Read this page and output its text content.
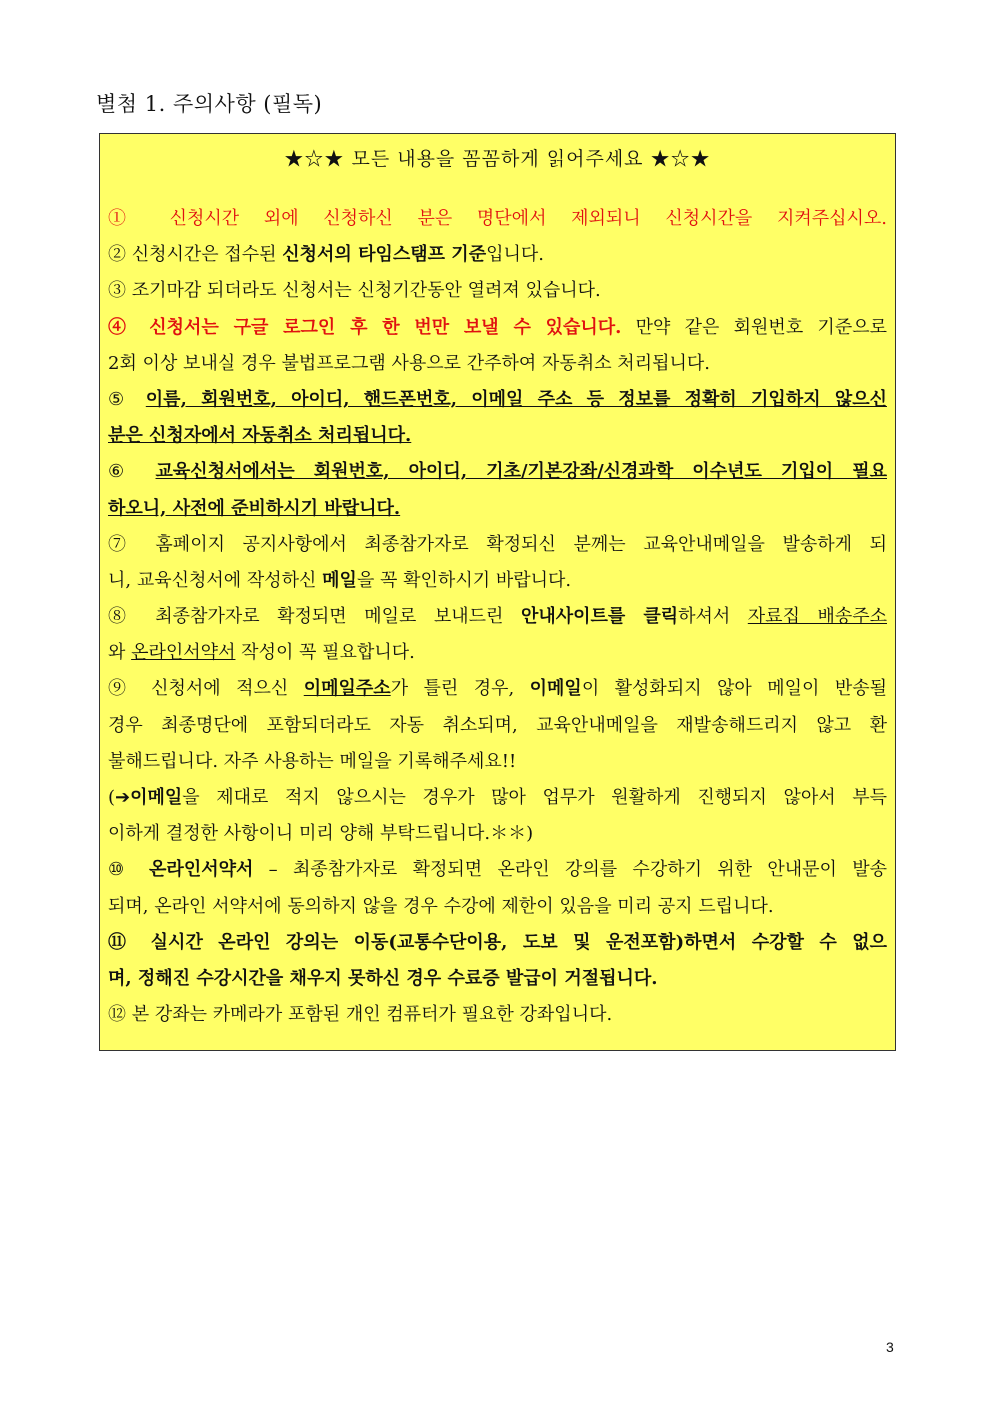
별첨 1. 주의사항 (필독)
★☆★ 모든 내용을 꼼꼼하게 읽어주세요 ★☆★
① 신청시간 외에 신청하신 분은 명단에서 제외되니 신청시간을 지켜주십시오.
② 신청시간은 접수된 신청서의 타임스탬프 기준입니다.
③ 조기마감 되더라도 신청서는 신청기간동안 열려져 있습니다.
④ 신청서는 구글 로그인 후 한 번만 보낼 수 있습니다. 만약 같은 회원번호 기준으로
2회 이상 보내실 경우 불법프로그램 사용으로 간주하여 자동취소 처리됩니다.
⑤ 이름, 회원번호, 아이디, 핸드폰번호, 이메일 주소 등 정보를 정확히 기입하지 않으신
분은 신청자에서 자동취소 처리됩니다.
⑥ 교육신청서에서는 회원번호, 아이디, 기초/기본강좌/신경과학 이수년도 기입이 필요
하오니, 사전에 준비하시기 바랍니다.
⑦ 홈페이지 공지사항에서 최종참가자로 확정되신 분께는 교육안내메일을 발송하게 되
니, 교육신청서에 작성하신 메일을 꼭 확인하시기 바랍니다.
⑧ 최종참가자로 확정되면 메일로 보내드린 안내사이트를 클릭하셔서 자료집 배송주소
와 온라인서약서 작성이 꼭 필요합니다.
⑨ 신청서에 적으신 이메일주소가 틀린 경우, 이메일이 활성화되지 않아 메일이 반송될
경우 최종명단에 포함되더라도 자동 취소되며, 교육안내메일을 재발송해드리지 않고 환
불해드립니다. 자주 사용하는 메일을 기록해주세요!!
(➔이메일을 제대로 적지 않으시는 경우가 많아 업무가 원활하게 진행되지 않아서 부득
이하게 결정한 사항이니 미리 양해 부탁드립니다.＊＊)
⑩ 온라인서약서 – 최종참가자로 확정되면 온라인 강의를 수강하기 위한 안내문이 발송
되며, 온라인 서약서에 동의하지 않을 경우 수강에 제한이 있음을 미리 공지 드립니다.
⑪ 실시간 온라인 강의는 이동(교통수단이용, 도보 및 운전포함)하면서 수강할 수 없으
며, 정해진 수강시간을 채우지 못하신 경우 수료증 발급이 거절됩니다.
⑫ 본 강좌는 카메라가 포함된 개인 컴퓨터가 필요한 강좌입니다.
3
